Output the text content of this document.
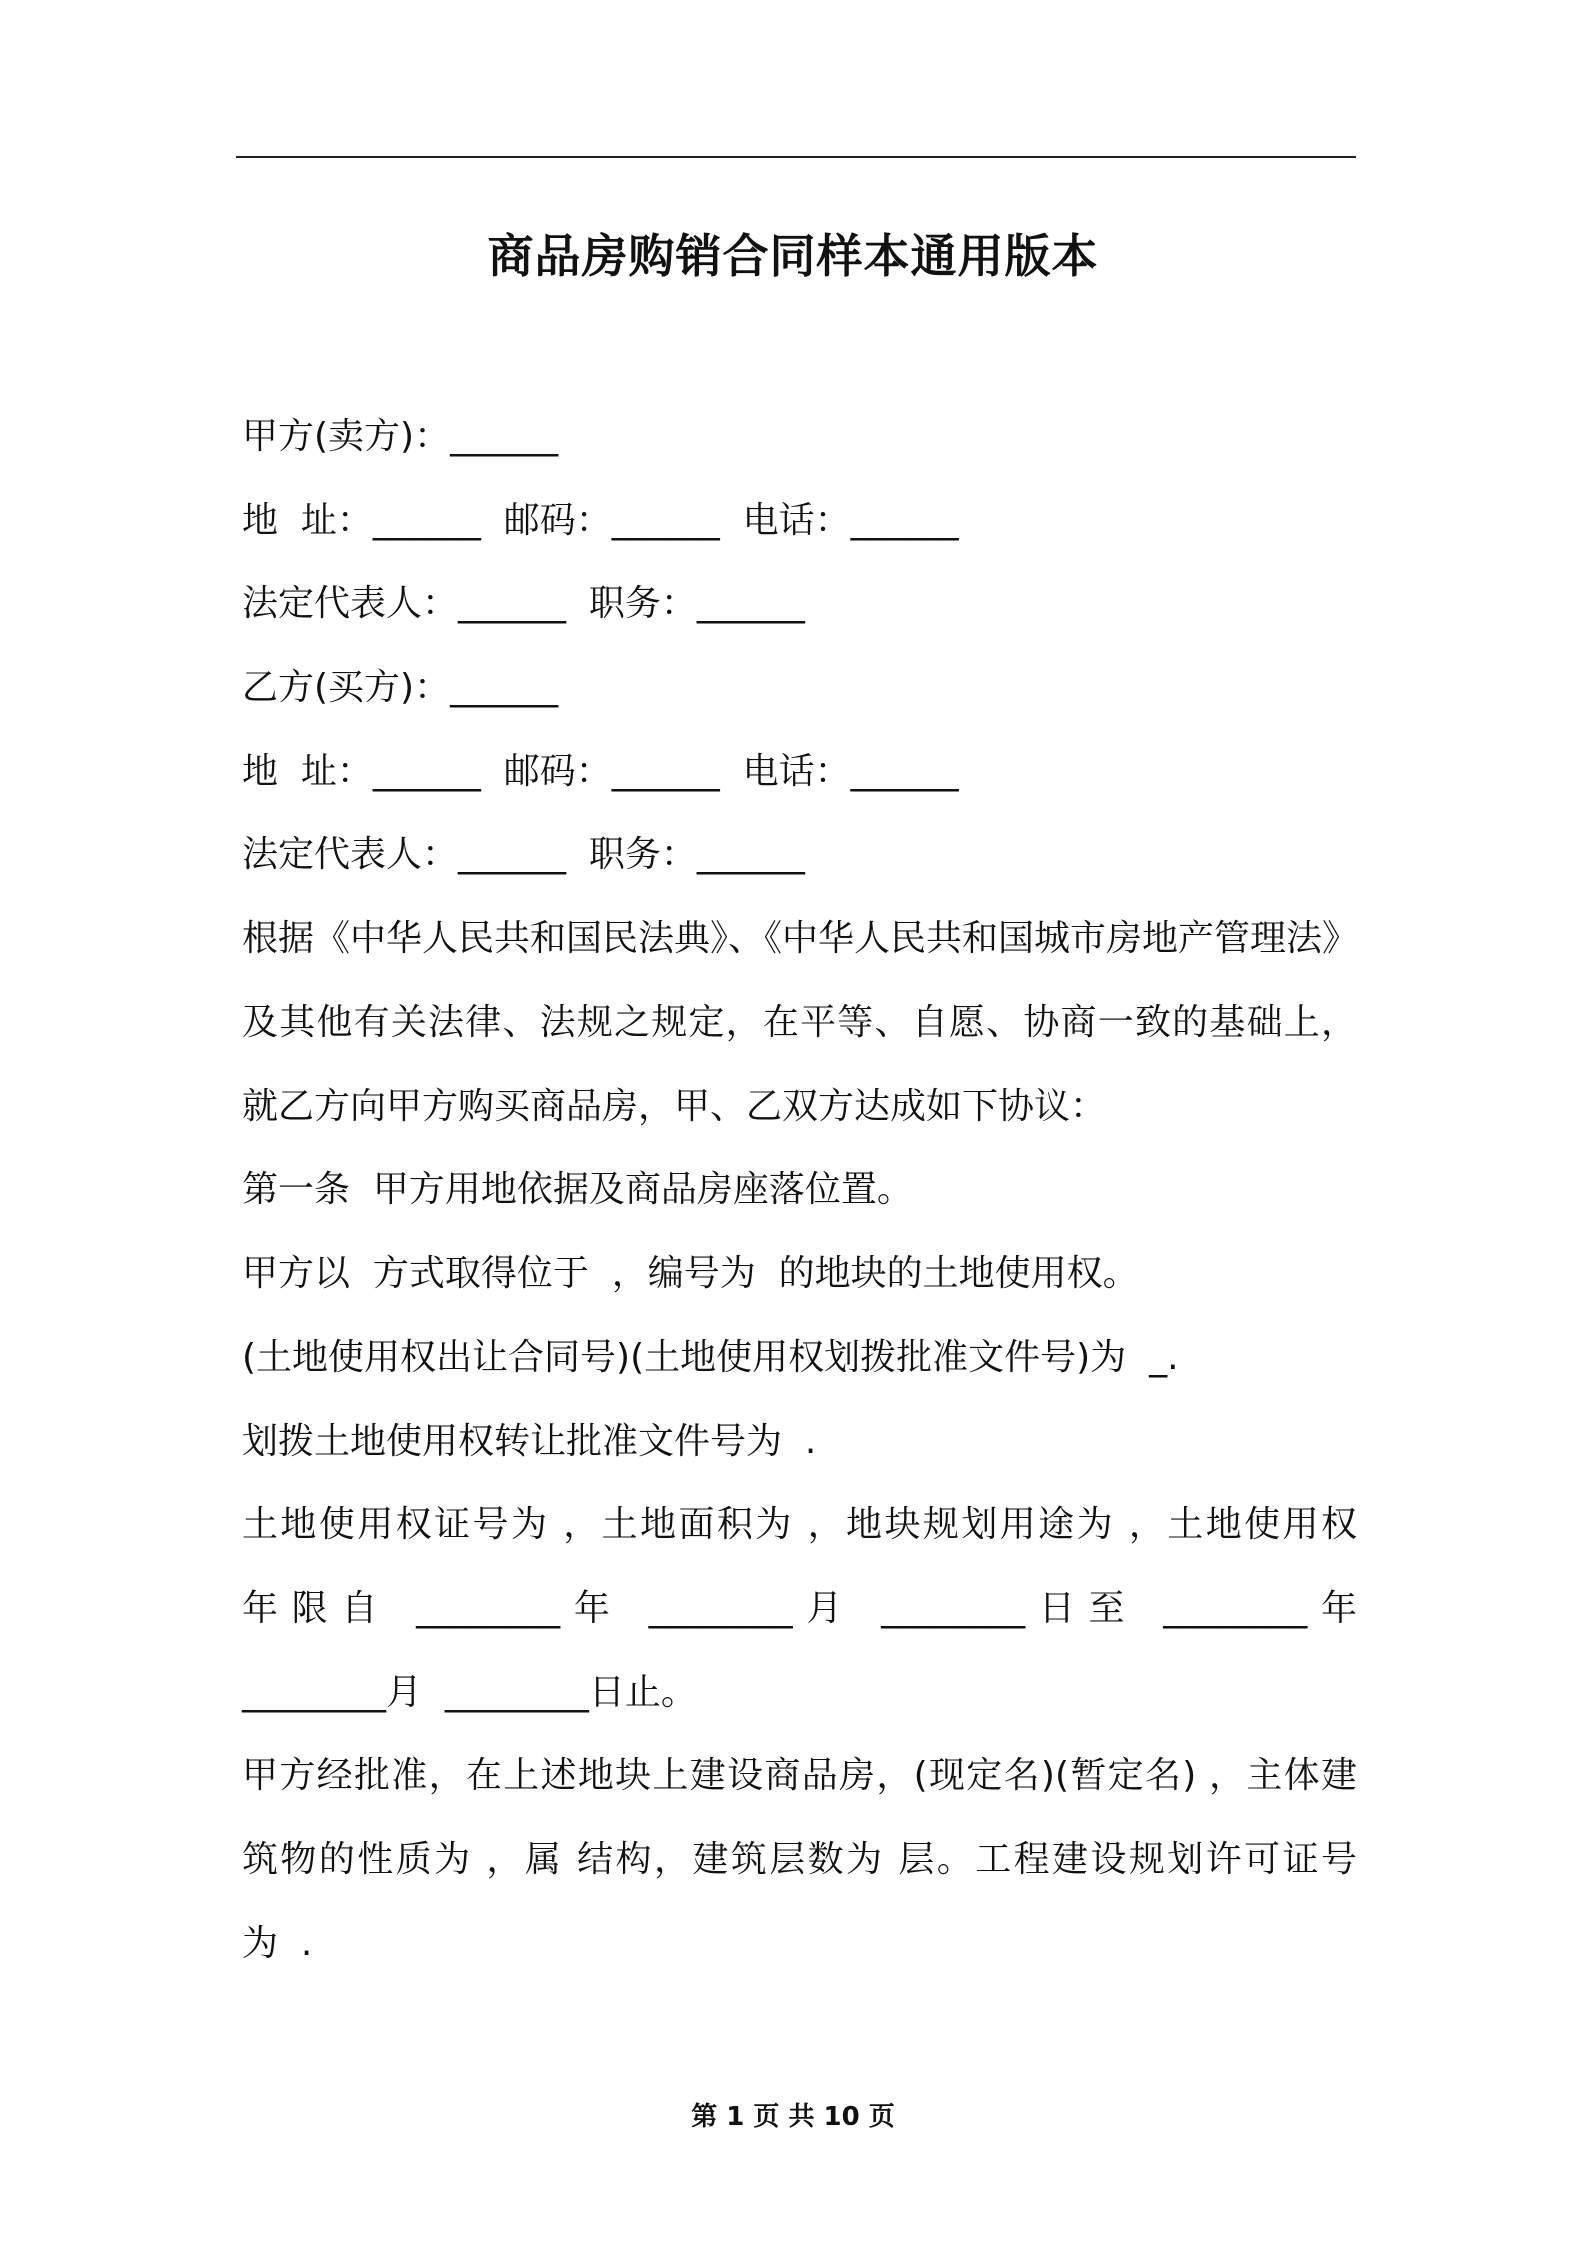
商品房购销合同样本通用版本
甲方(卖方)：______
地  址：______  邮码：______  电话：______
法定代表人：______  职务：______
乙方(买方)：______
地  址：______  邮码：______  电话：______
法定代表人：______  职务：______
根据《中华人民共和国民法典》、《中华人民共和国城市房地产管理法》
及其他有关法律、法规之规定，在平等、自愿、协商一致的基础上，
就乙方向甲方购买商品房，甲、乙双方达成如下协议：
第一条  甲方用地依据及商品房座落位置。
甲方以  方式取得位于  ，编号为  的地块的土地使用权。
(土地使用权出让合同号)(土地使用权划拨批准文件号)为  _.
划拨土地使用权转让批准文件号为  .
土地使用权证号为 ，土地面积为 ，地块规划用途为 ，土地使用权
年限自 ________年 ________月 ________日至 ________年
________月  ________日止。
甲方经批准，在上述地块上建设商品房，(现定名)(暂定名) ，主体建
筑物的性质为 ，属 结构，建筑层数为 层。工程建设规划许可证号
为  .
第 1 页 共 10 页
